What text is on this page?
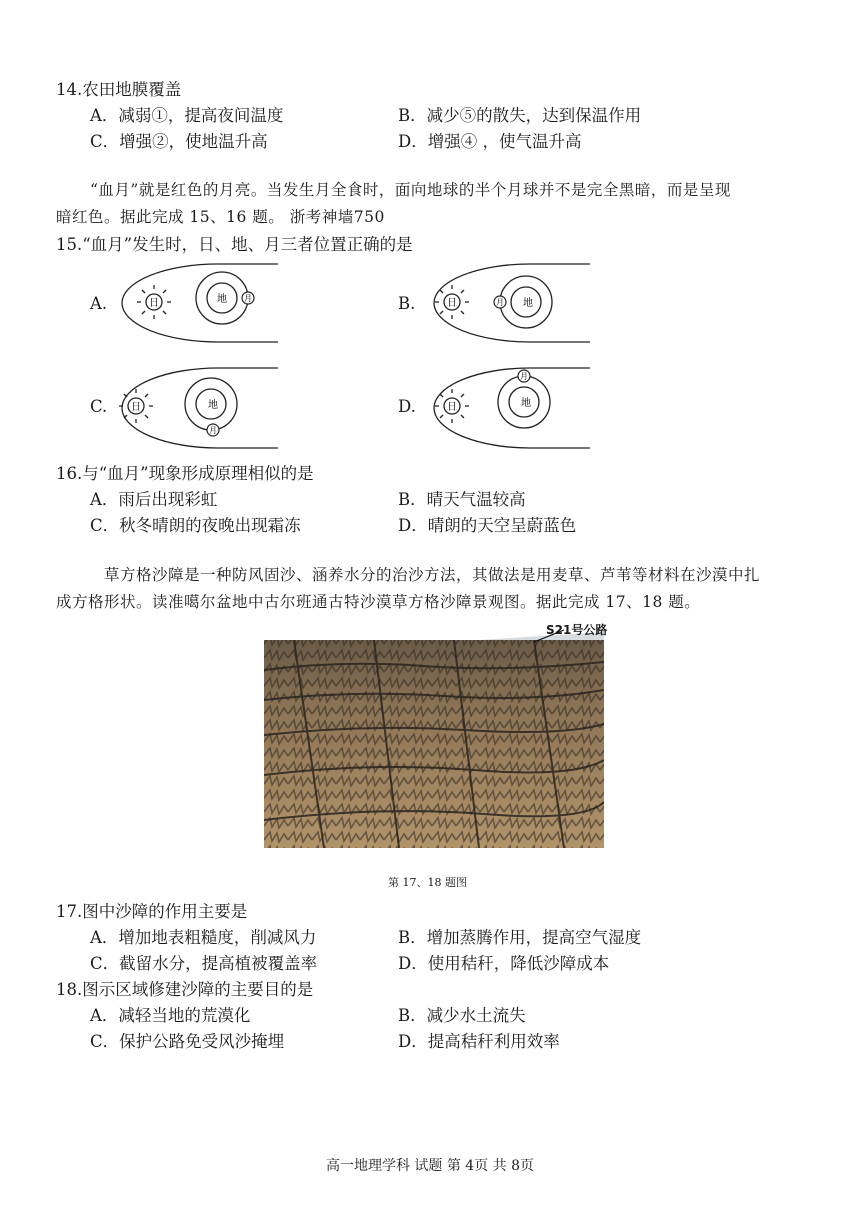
14.农田地膜覆盖
A．减弱①，提高夜间温度	B．减少⑤的散失，达到保温作用
C．增强②，使地温升高	D．增强④ ，使气温升高
“血月”就是红色的月亮。当发生月全食时，面向地球的半个月球并不是完全黑暗，而是呈现
暗红色。据此完成 15、16 题。 浙考神墙750
15.“血月”发生时，日、地、月三者位置正确的是
A.	B.
C.	D.
日	地 月	日	地
月
日	地
月
日	地
月
16.与“血月”现象形成原理相似的是
A．雨后出现彩虹	B．晴天气温较高
C．秋冬晴朗的夜晚出现霜冻	D．晴朗的天空呈蔚蓝色
草方格沙障是一种防风固沙、涵养水分的治沙方法，其做法是用麦草、芦苇等材料在沙漠中扎
成方格形状。读准噶尔盆地中古尔班通古特沙漠草方格沙障景观图。据此完成 17、18 题。
S21号公路
第 17、18 题图
17.图中沙障的作用主要是
A．增加地表粗糙度，削减风力	B．增加蒸腾作用，提高空气湿度
C．截留水分，提高植被覆盖率	D．使用秸秆，降低沙障成本
18.图示区域修建沙障的主要目的是
A．减轻当地的荒漠化	B．减少水土流失
C．保护公路免受风沙掩埋	D．提高秸秆利用效率
高一地理学科 试题 第 4页 共 8页
